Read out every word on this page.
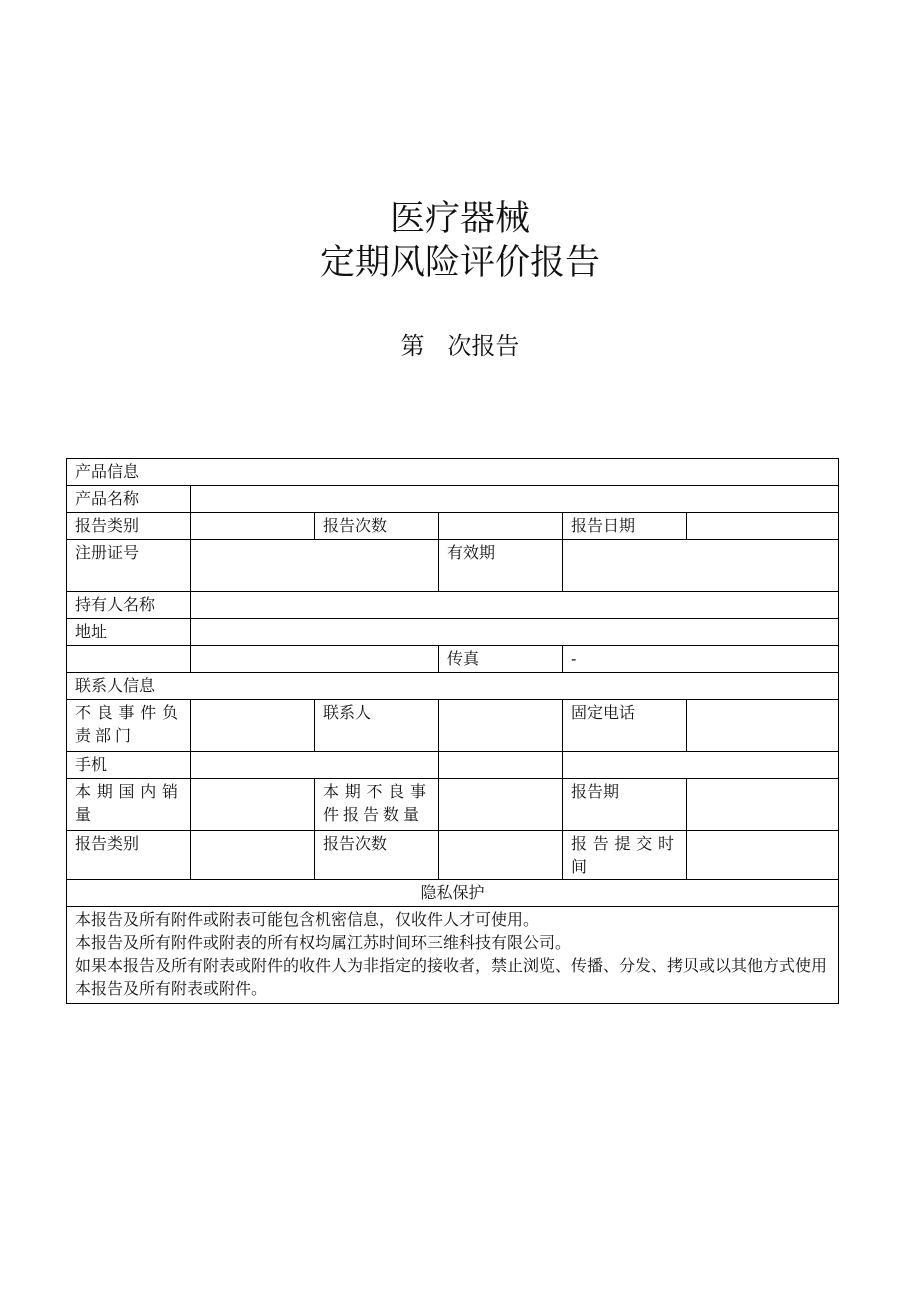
医疗器械
定期风险评价报告
第   次报告
产品信息					
产品名称					
报告类别		报告次数		报告日期	
注册证号			有效期		
持有人名称					
地址					
			传真	-	
联系人信息					
不良事件负责部门		联系人		固定电话	
手机					
本期国内销量		本期不良事件报告数量		报告期	
报告类别		报告次数		报告提交时间	
隐私保护					

本报告及所有附件或附表可能包含机密信息，仅收件人才可使用。
本报告及所有附件或附表的所有权均属江苏时间环三维科技有限公司。
如果本报告及所有附表或附件的收件人为非指定的接收者，禁止浏览、传播、分发、拷贝或以其他方式使用本报告及所有附表或附件。					
